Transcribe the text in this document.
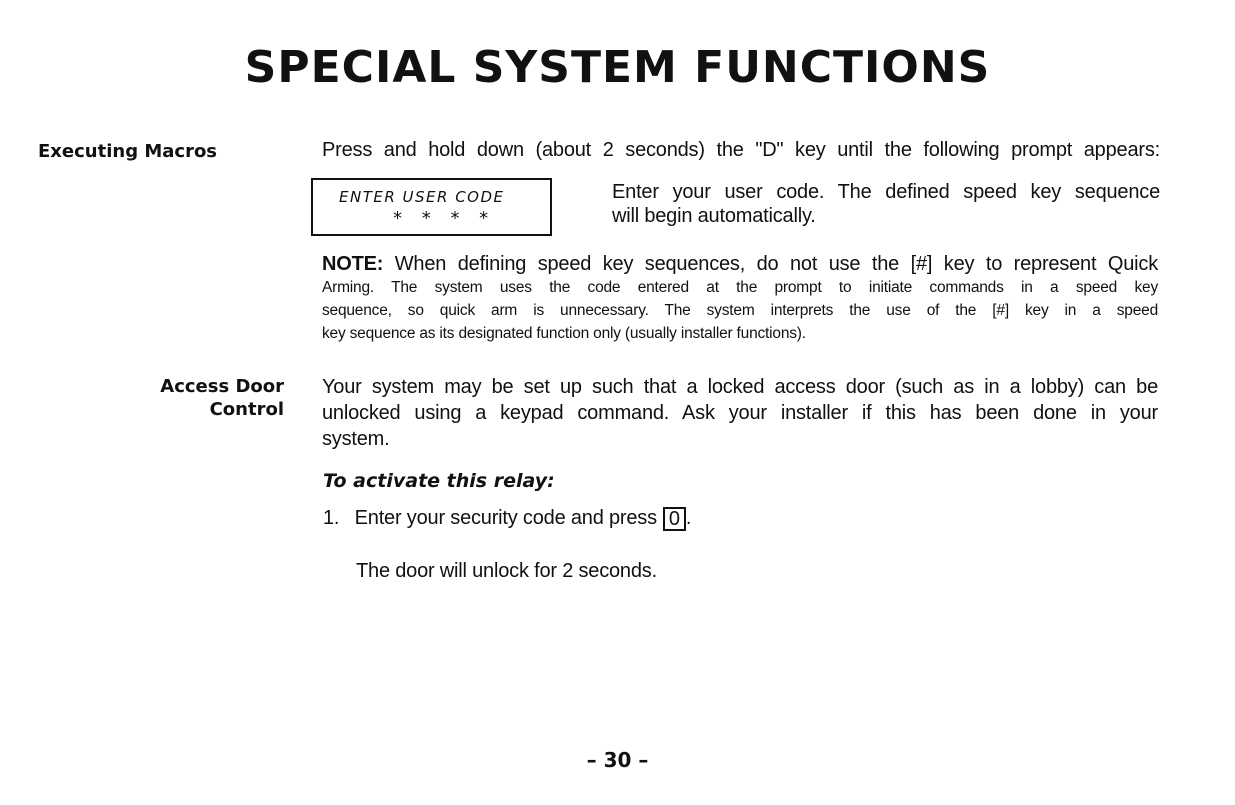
SPECIAL SYSTEM FUNCTIONS
Executing Macros	Press and hold down (about 2 seconds) the "D" key until the following prompt appears:
ENTER USER CODE
* * * *
Enter your user code. The defined speed key sequence
will begin automatically.
NOTE: When defining speed key sequences, do not use the [#] key to represent Quick
Arming. The system uses the code entered at the prompt to initiate commands in a speed key
sequence, so quick arm is unnecessary. The system interprets the use of the [#] key in a speed
key sequence as its designated function only (usually installer functions).
Access Door
Control
Your system may be set up such that a locked access door (such as in a lobby) can be
unlocked using a keypad command. Ask your installer if this has been done in your
system.
To activate this relay:
1. Enter your security code and press 0 .
The door will unlock for 2 seconds.
– 30 –
